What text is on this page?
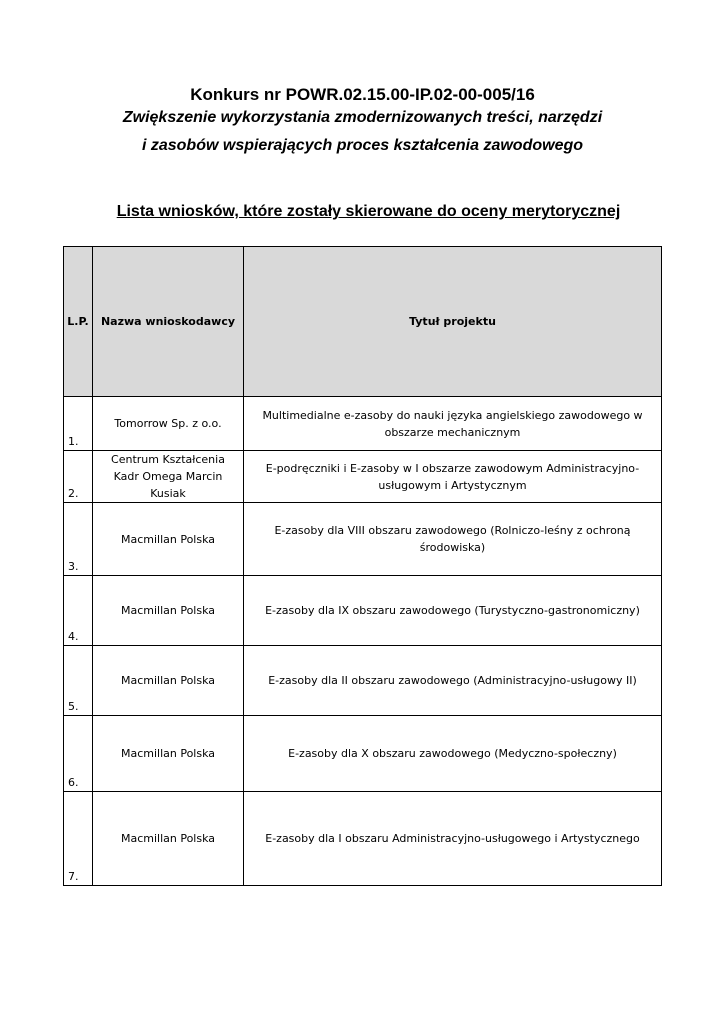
Konkurs nr POWR.02.15.00-IP.02-00-005/16
Zwiększenie wykorzystania zmodernizowanych treści, narzędzi
i zasobów wspierających proces kształcenia zawodowego
Lista wniosków, które zostały skierowane do oceny merytorycznej
L.P.	Nazwa wnioskodawcy	Tytuł projektu
1.	Tomorrow Sp. z o.o.	Multimedialne e-zasoby do nauki języka angielskiego zawodowego w obszarze mechanicznym
2.	Centrum Kształcenia Kadr Omega Marcin Kusiak	E-podręczniki i E-zasoby w I obszarze zawodowym Administracyjno-usługowym i Artystycznym
3.	Macmillan Polska	E-zasoby dla VIII obszaru zawodowego (Rolniczo-leśny z ochroną środowiska)
4.	Macmillan Polska	E-zasoby dla IX obszaru zawodowego (Turystyczno-gastronomiczny)
5.	Macmillan Polska	E-zasoby dla II obszaru zawodowego (Administracyjno-usługowy II)
6.	Macmillan Polska	E-zasoby dla X obszaru zawodowego (Medyczno-społeczny)
7.	Macmillan Polska	E-zasoby dla I obszaru Administracyjno-usługowego i Artystycznego
